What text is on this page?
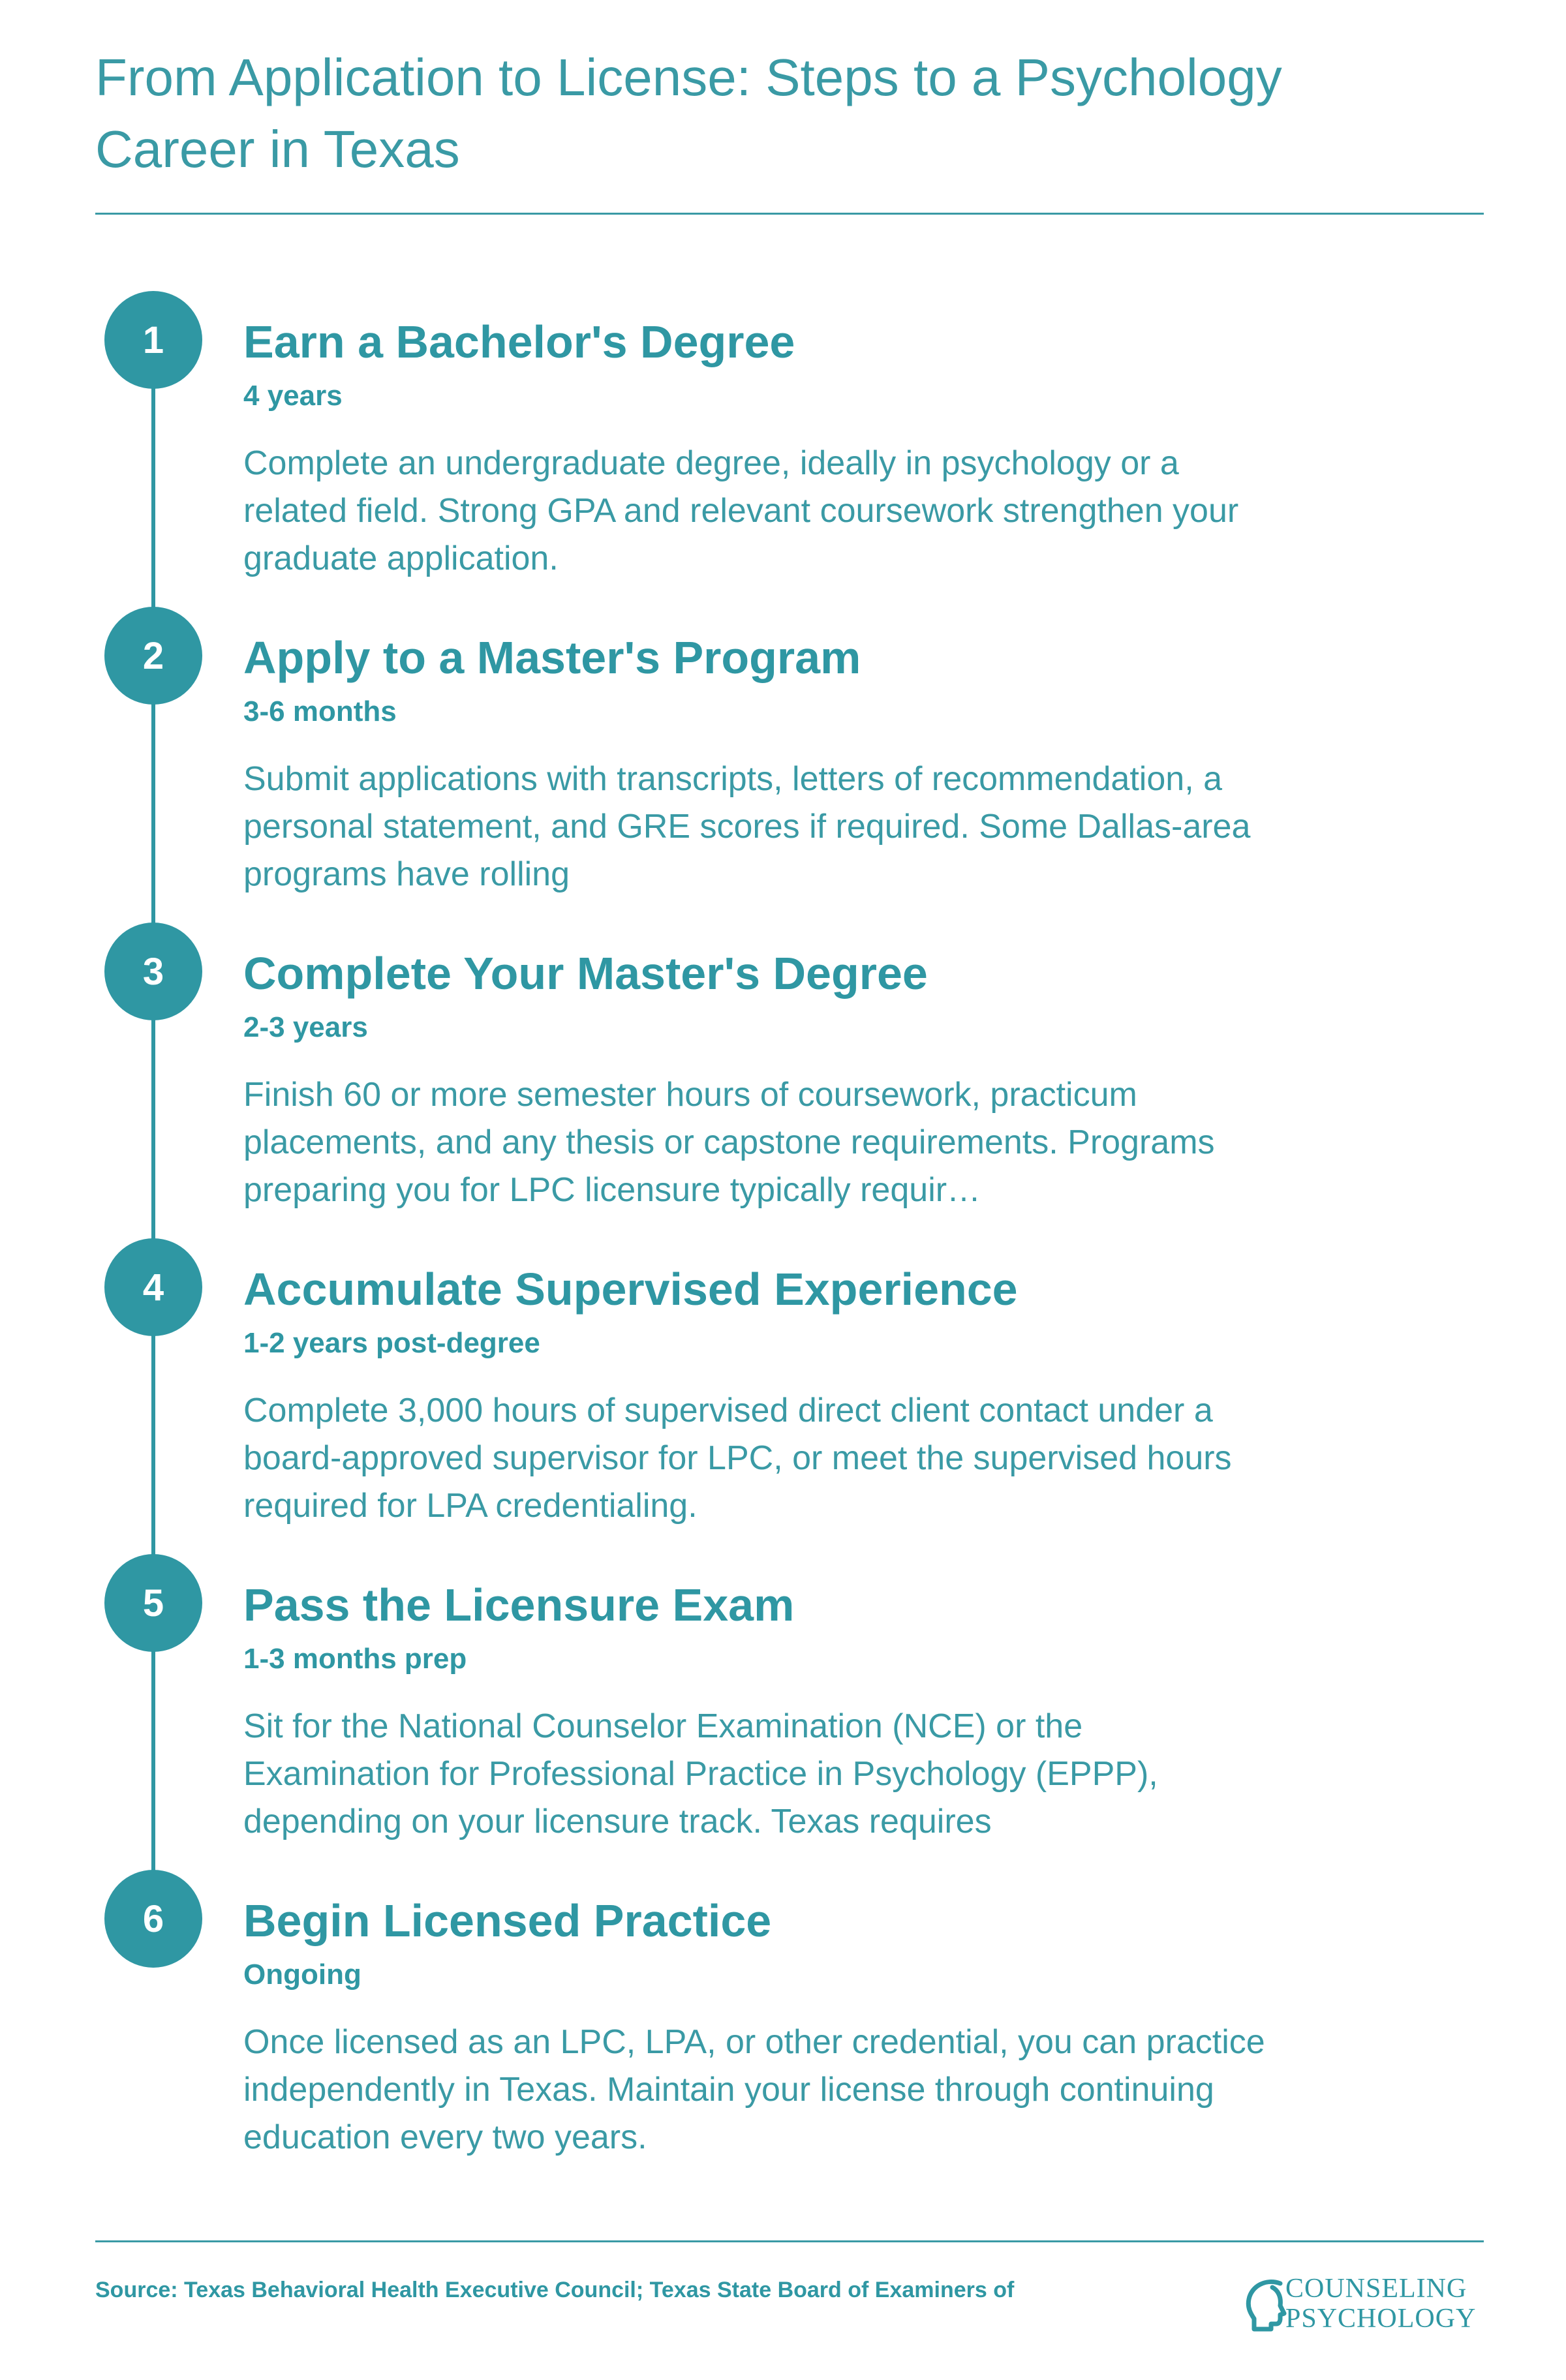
From Application to License: Steps to a Psychology Career in Texas
1	Earn a Bachelor's Degree
4 years
Complete an undergraduate degree, ideally in psychology or a related field. Strong GPA and relevant coursework strengthen your graduate application.
2	Apply to a Master's Program
3-6 months
Submit applications with transcripts, letters of recommendation, a personal statement, and GRE scores if required. Some Dallas-area programs have rolling
3	Complete Your Master's Degree
2-3 years
Finish 60 or more semester hours of coursework, practicum placements, and any thesis or capstone requirements. Programs preparing you for LPC licensure typically requir…
4	Accumulate Supervised Experience
1-2 years post-degree
Complete 3,000 hours of supervised direct client contact under a board-approved supervisor for LPC, or meet the supervised hours required for LPA credentialing.
5	Pass the Licensure Exam
1-3 months prep
Sit for the National Counselor Examination (NCE) or the Examination for Professional Practice in Psychology (EPPP), depending on your licensure track. Texas requires
6	Begin Licensed Practice
Ongoing
Once licensed as an LPC, LPA, or other credential, you can practice independently in Texas. Maintain your license through continuing education every two years.
Source: Texas Behavioral Health Executive Council; Texas State Board of Examiners of	COUNSELING
PSYCHOLOGY
